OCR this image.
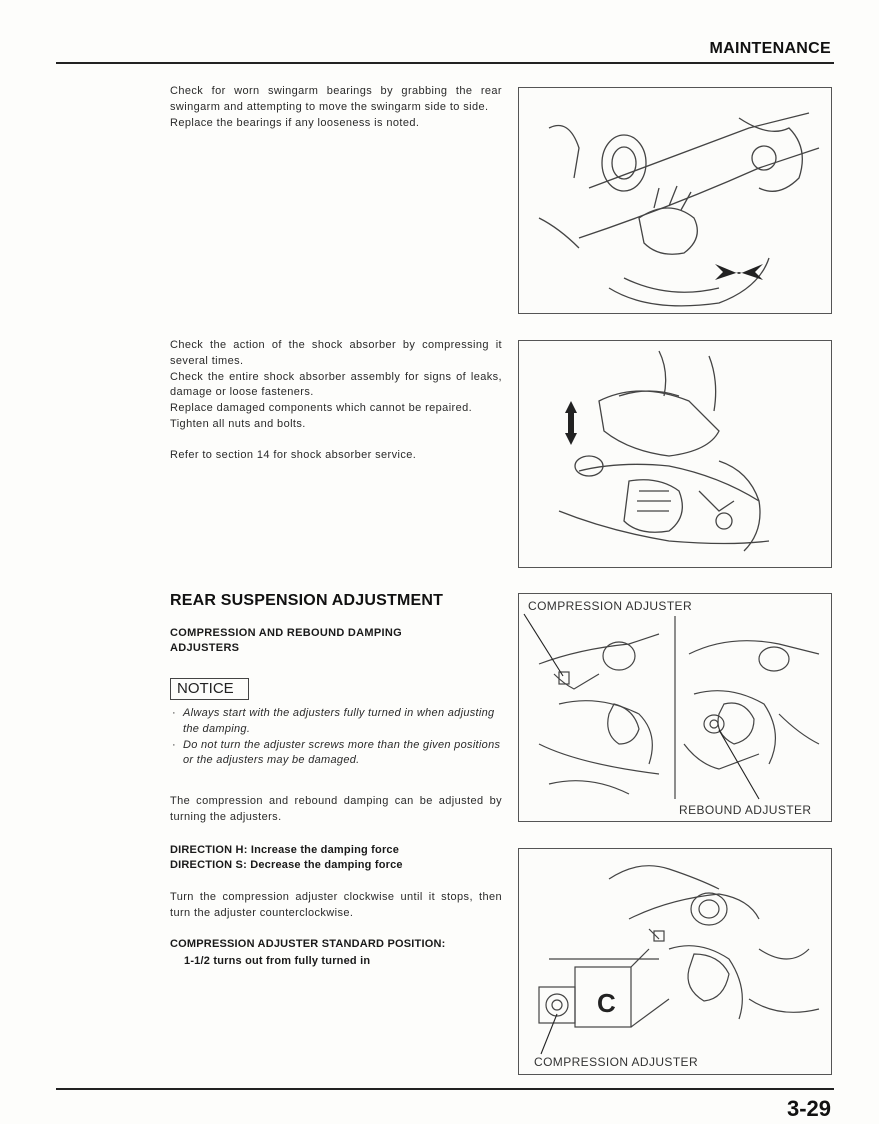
MAINTENANCE

Check for worn swingarm bearings by grabbing the rear swingarm and attempting to move the swingarm side to side.

Replace the bearings if any looseness is noted.

Check the action of the shock absorber by compressing it several times.

Check the entire shock absorber assembly for signs of leaks, damage or loose fasteners.

Replace damaged components which cannot be repaired.

Tighten all nuts and bolts.

Refer to section 14 for shock absorber service.

REAR SUSPENSION ADJUSTMENT
COMPRESSION AND REBOUND DAMPING ADJUSTERS
NOTICE
· Always start with the adjusters fully turned in when adjusting the damping.
· Do not turn the adjuster screws more than the given positions or the adjusters may be damaged.
The compression and rebound damping can be adjusted by turning the adjusters.
DIRECTION H: Increase the damping force
DIRECTION S: Decrease the damping force
Turn the compression adjuster clockwise until it stops, then turn the adjuster counterclockwise.
COMPRESSION ADJUSTER STANDARD POSITION:
1-1/2 turns out from fully turned in
COMPRESSION ADJUSTER
REBOUND ADJUSTER
C
COMPRESSION ADJUSTER
3-29
